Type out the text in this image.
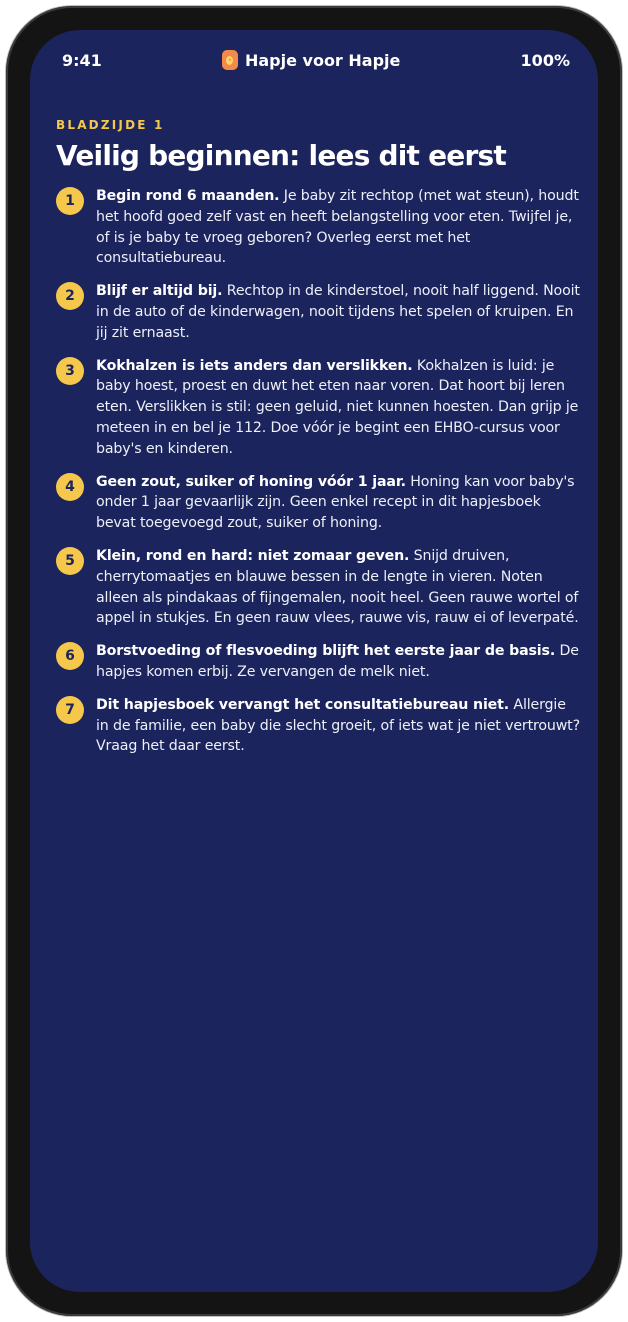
9:41	• Hapje voor Hapje	100%
BLADZIJDE 1
Veilig beginnen: lees dit eerst
1	Begin rond 6 maanden. Je baby zit rechtop (met wat steun), houdt het hoofd goed zelf vast en heeft belangstelling voor eten. Twijfel je, of is je baby te vroeg geboren? Overleg eerst met het consultatiebureau.

2	Blijf er altijd bij. Rechtop in de kinderstoel, nooit half liggend. Nooit in de auto of de kinderwagen, nooit tijdens het spelen of kruipen. En jij zit ernaast.

3	Kokhalzen is iets anders dan verslikken. Kokhalzen is luid: je baby hoest, proest en duwt het eten naar voren. Dat hoort bij leren eten. Verslikken is stil: geen geluid, niet kunnen hoesten. Dan grijp je meteen in en bel je 112. Doe vóór je begint een EHBO-cursus voor baby's en kinderen.

4	Geen zout, suiker of honing vóór 1 jaar. Honing kan voor baby's onder 1 jaar gevaarlijk zijn. Geen enkel recept in dit hapjesboek bevat toegevoegd zout, suiker of honing.

5	Klein, rond en hard: niet zomaar geven. Snijd druiven, cherrytomaatjes en blauwe bessen in de lengte in vieren. Noten alleen als pindakaas of fijngemalen, nooit heel. Geen rauwe wortel of appel in stukjes. En geen rauw vlees, rauwe vis, rauw ei of leverpaté.

6	Borstvoeding of flesvoeding blijft het eerste jaar de basis. De hapjes komen erbij. Ze vervangen de melk niet.

7	Dit hapjesboek vervangt het consultatiebureau niet. Allergie in de familie, een baby die slecht groeit, of iets wat je niet vertrouwt? Vraag het daar eerst.
